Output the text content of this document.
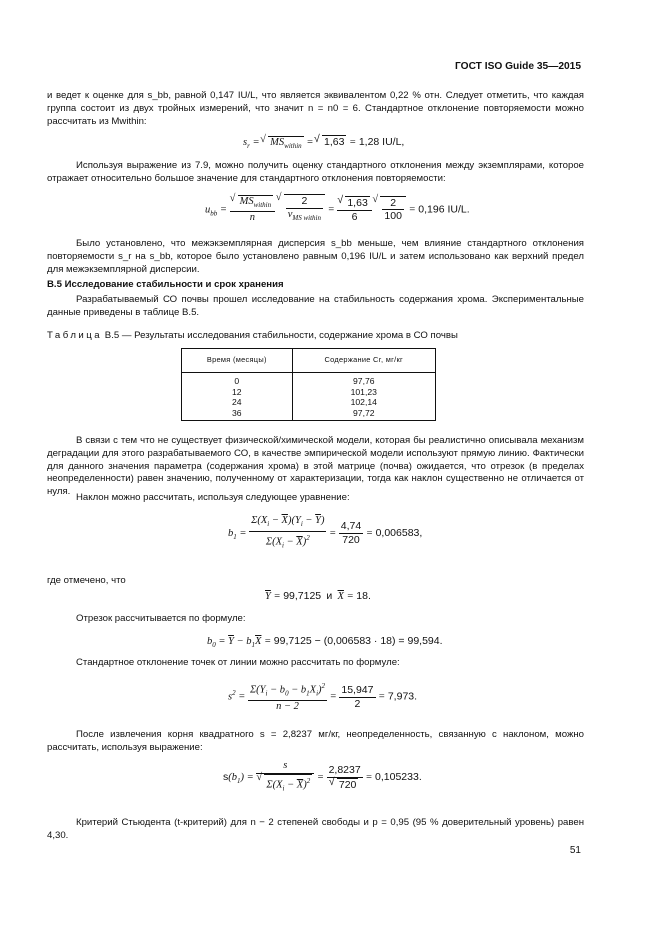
ГОСТ ISO Guide 35—2015
и ведет к оценке для s_bb, равной 0,147 IU/L, что является эквивалентом 0,22 % отн. Следует отметить, что каждая группа состоит из двух тройных измерений, что значит n = n0 = 6. Стандартное отклонение повторяемости можно рассчитать из Mwithin:
$s_r$ = √ $MS_{within}$ = √ 1,63 = 1,28 IU/L,
Используя выражение из 7.9, можно получить оценку стандартного отклонения между экземплярами, которое отражает относительно большое значение для стандартного отклонения повторяемости:
$u_{bb}$ = √ $\frac{MS_{within}}{n}$
√ $\frac{2}{\nu_{MS within}}$ = √ $\frac{1,63}{6}$
√ $\frac{2}{100} = 0,196$ IU/L.
Было установлено, что межэкземплярная дисперсия s_bb меньше, чем влияние стандартного отклонения повторяемости s_r на s_bb, которое было установлено равным 0,196 IU/L и затем использовано как верхний предел для межэкземплярной дисперсии.
В.5 Исследование стабильности и срок хранения
Разрабатываемый СО почвы прошел исследование на стабильность содержания хрома. Экспериментальные данные приведены в таблице В.5.
Таблица В.5 — Результаты исследования стабильности, содержание хрома в СО почвы
Время (месяцы)	Содержание Cr, мг/кг
0	97,76
12	101,23
24	102,14
36	97,72
В связи с тем что не существует физической/химической модели, которая бы реалистично описывала механизм деградации для этого разрабатываемого СО, в качестве эмпирической модели используют прямую линию. Фактически для данного значения параметра (содержания хрома) в этой матрице (почва) ожидается, что отрезок (в пределах неопределенности) равен значению, полученному от характеризации, тогда как наклон существенно не отличается от нуля.
Наклон можно рассчитать, используя следующее уравнение:
$b_1 = \frac{\Sigma(X_i - \overline{X})(Y_i - \overline{Y})}{\Sigma(X_i - \overline{X})^2} = \frac{4,74}{720} = 0,006583$,
где отмечено, что
$\overline{Y} = 99,7125$ и $\overline{X} = 18$.
Отрезок рассчитывается по формуле:
$b_0 = \overline{Y} - b_1\overline{X} = 99,7125 - (0,006583 \cdot 18) = 99,594$.
Стандартное отклонение точек от линии можно рассчитать по формуле:
$s^2 = \frac{\Sigma(Y_i - b_0 - b_1X_i)^2}{n - 2} = \frac{15,947}{2} = 7,973$.
После извлечения корня квадратного s = 2,8237 мг/кг, неопределенность, связанную с наклоном, можно рассчитать, используя выражение:
$s(b_1) = s$
√ $\Sigma(X_i - \overline{X})^2 = 2,8237$
√ 720 = 0,105233.
Критерий Стьюдента (t-критерий) для n − 2 степеней свободы и p = 0,95 (95 % доверительный уровень) равен 4,30.
51
